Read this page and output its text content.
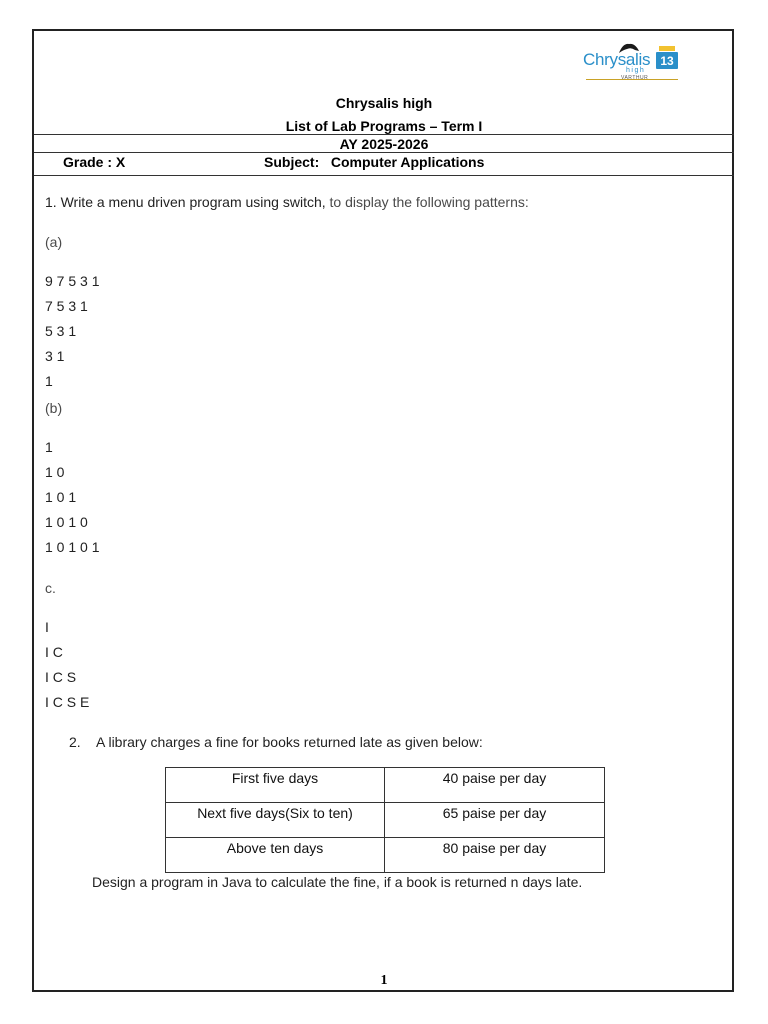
Chrysalis 13
high
VARTHUR
Chrysalis high
List of Lab Programs – Term I
AY 2025-2026
Grade : X	Subject:   Computer Applications
1. Write a menu driven program using switch, to display the following patterns:
(a)
9 7 5 3 1
7 5 3 1
5 3 1
3 1
1
(b)
1
1 0
1 0 1
1 0 1 0
1 0 1 0 1
c.
I
I C
I C S
I C S E
2. A library charges a fine for books returned late as given below:
First five days	40 paise per day
Next five days(Six to ten)	65 paise per day
Above ten days	80 paise per day
Design a program in Java to calculate the fine, if a book is returned n days late.
1
